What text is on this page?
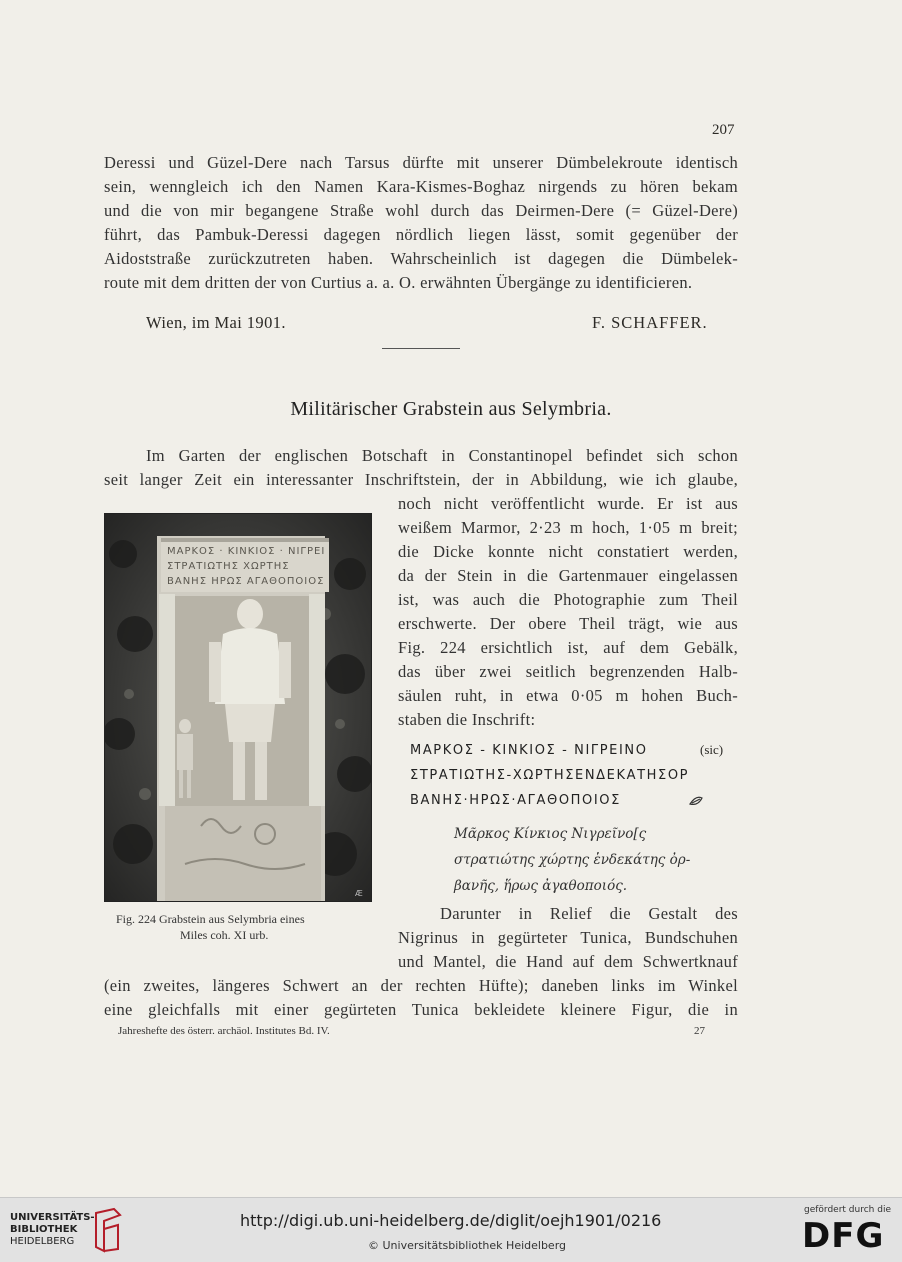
207
Deressi und Güzel-Dere nach Tarsus dürfte mit unserer Dümbelekroute identisch
sein, wenngleich ich den Namen Kara-Kismes-Boghaz nirgends zu hören bekam
und die von mir begangene Straße wohl durch das Deirmen-Dere (= Güzel-Dere)
führt, das Pambuk-Deressi dagegen nördlich liegen lässt, somit gegenüber der
Aidoststraße zurückzutreten haben. Wahrscheinlich ist dagegen die Dümbelek-
route mit dem dritten der von Curtius a. a. O. erwähnten Übergänge zu identificieren.
Wien, im Mai 1901.	F. SCHAFFER.
Militärischer Grabstein aus Selymbria.
Im Garten der englischen Botschaft in Constantinopel befindet sich schon
seit langer Zeit ein interessanter Inschriftstein, der in Abbildung, wie ich glaube,
noch nicht veröffentlicht wurde. Er ist aus
weißem Marmor, 2·23 m hoch, 1·05 m breit;
die Dicke konnte nicht constatiert werden,
da der Stein in die Gartenmauer eingelassen
ist, was auch die Photographie zum Theil
erschwerte. Der obere Theil trägt, wie aus
Fig. 224 ersichtlich ist, auf dem Gebälk,
das über zwei seitlich begrenzenden Halb-
säulen ruht, in etwa 0·05 m hohen Buch-
staben die Inschrift:
ΜΑΡΚΟΣ - ΚΙΝΚΙΟΣ - ΝΙΓΡΕΙΝΟ	(sic)
ΣΤΡΑΤΙΩΤΗΣ-ΧΩΡΤΗΣΕΝΔΕΚΑΤΗΣΟΡ
ΒΑΝΗΣ·ΗΡΩΣ·ΑΓΑΘΟΠΟΙΟΣ
Μᾶρκος Κίνκιος Νιγρεῖνο[ς
στρατιώτης χώρτης ἑνδεκάτης ὀρ-
βανῆς, ἥρως ἀγαθοποιός.
ΜΑΡΚΟΣ · ΚΙΝΚΙΟΣ · ΝΙΓΡΕΙ
ΣΤΡΑΤΙΩΤΗΣ ΧΩΡΤΗΣ
ΒΑΝΗΣ ΗΡΩΣ ΑΓΑΘΟΠΟΙΟΣ
Æ
Fig. 224 Grabstein aus Selymbria eines
Miles coh. XI urb.
Darunter in Relief die Gestalt des
Nigrinus in gegürteter Tunica, Bundschuhen
und Mantel, die Hand auf dem Schwertknauf
(ein zweites, längeres Schwert an der rechten Hüfte); daneben links im Winkel
eine gleichfalls mit einer gegürteten Tunica bekleidete kleinere Figur, die in
Jahreshefte des österr. archäol. Institutes Bd. IV.	27
UNIVERSITÄTS-
BIBLIOTHEK
HEIDELBERG
http://digi.ub.uni-heidelberg.de/diglit/oejh1901/0216
© Universitätsbibliothek Heidelberg
gefördert durch die
DFG
